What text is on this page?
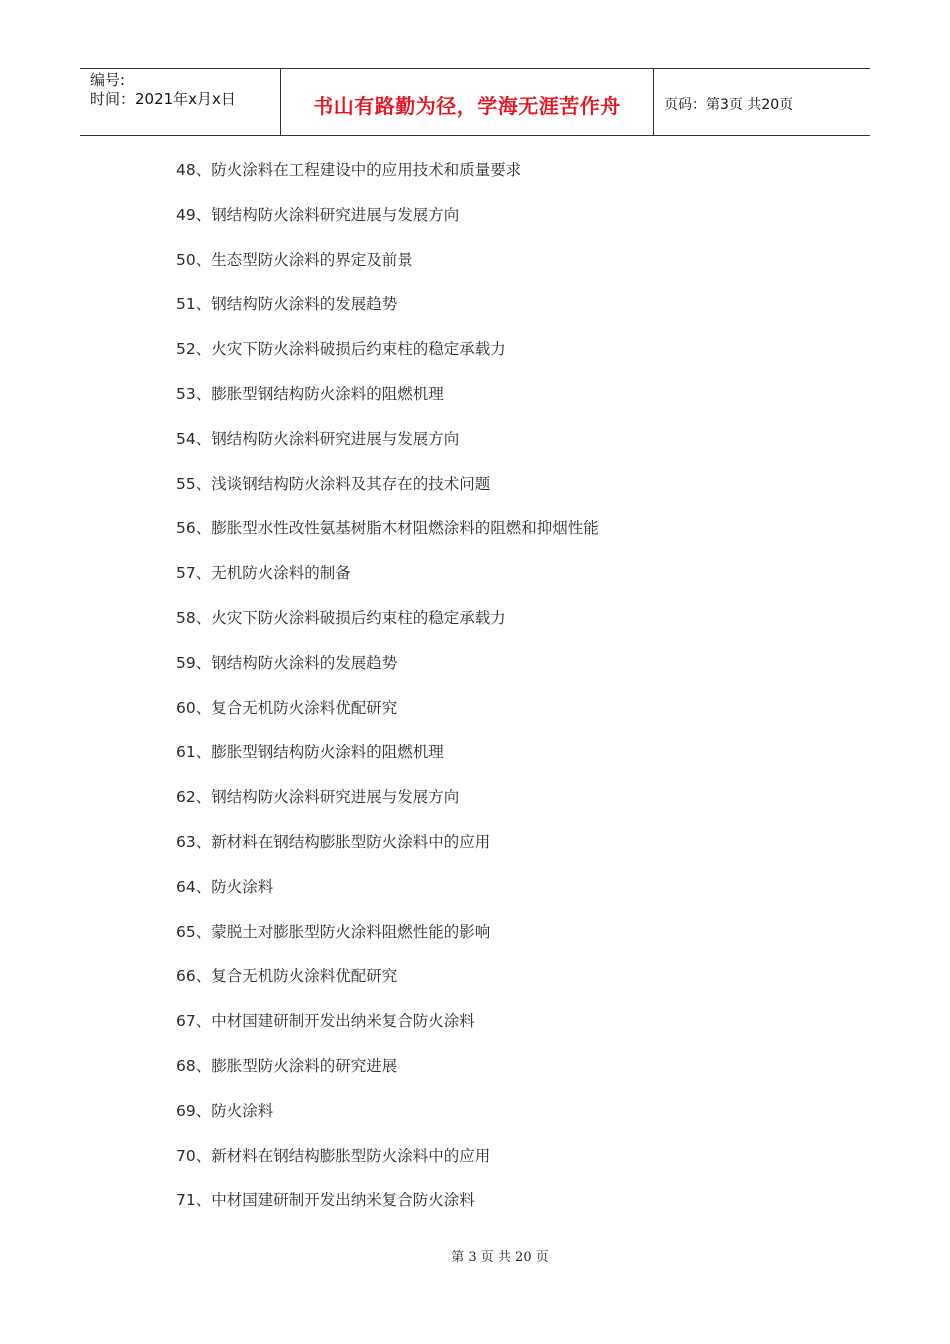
编号:
时间：2021年x月x日	书山有路勤为径，学海无涯苦作舟	页码：第3页 共20页
48、防火涂料在工程建设中的应用技术和质量要求
49、钢结构防火涂料研究进展与发展方向
50、生态型防火涂料的界定及前景
51、钢结构防火涂料的发展趋势
52、火灾下防火涂料破损后约束柱的稳定承载力
53、膨胀型钢结构防火涂料的阻燃机理
54、钢结构防火涂料研究进展与发展方向
55、浅谈钢结构防火涂料及其存在的技术问题
56、膨胀型水性改性氨基树脂木材阻燃涂料的阻燃和抑烟性能
57、无机防火涂料的制备
58、火灾下防火涂料破损后约束柱的稳定承载力
59、钢结构防火涂料的发展趋势
60、复合无机防火涂料优配研究
61、膨胀型钢结构防火涂料的阻燃机理
62、钢结构防火涂料研究进展与发展方向
63、新材料在钢结构膨胀型防火涂料中的应用
64、防火涂料
65、蒙脱土对膨胀型防火涂料阻燃性能的影响
66、复合无机防火涂料优配研究
67、中材国建研制开发出纳米复合防火涂料
68、膨胀型防火涂料的研究进展
69、防火涂料
70、新材料在钢结构膨胀型防火涂料中的应用
71、中材国建研制开发出纳米复合防火涂料
第 3 页 共 20 页
